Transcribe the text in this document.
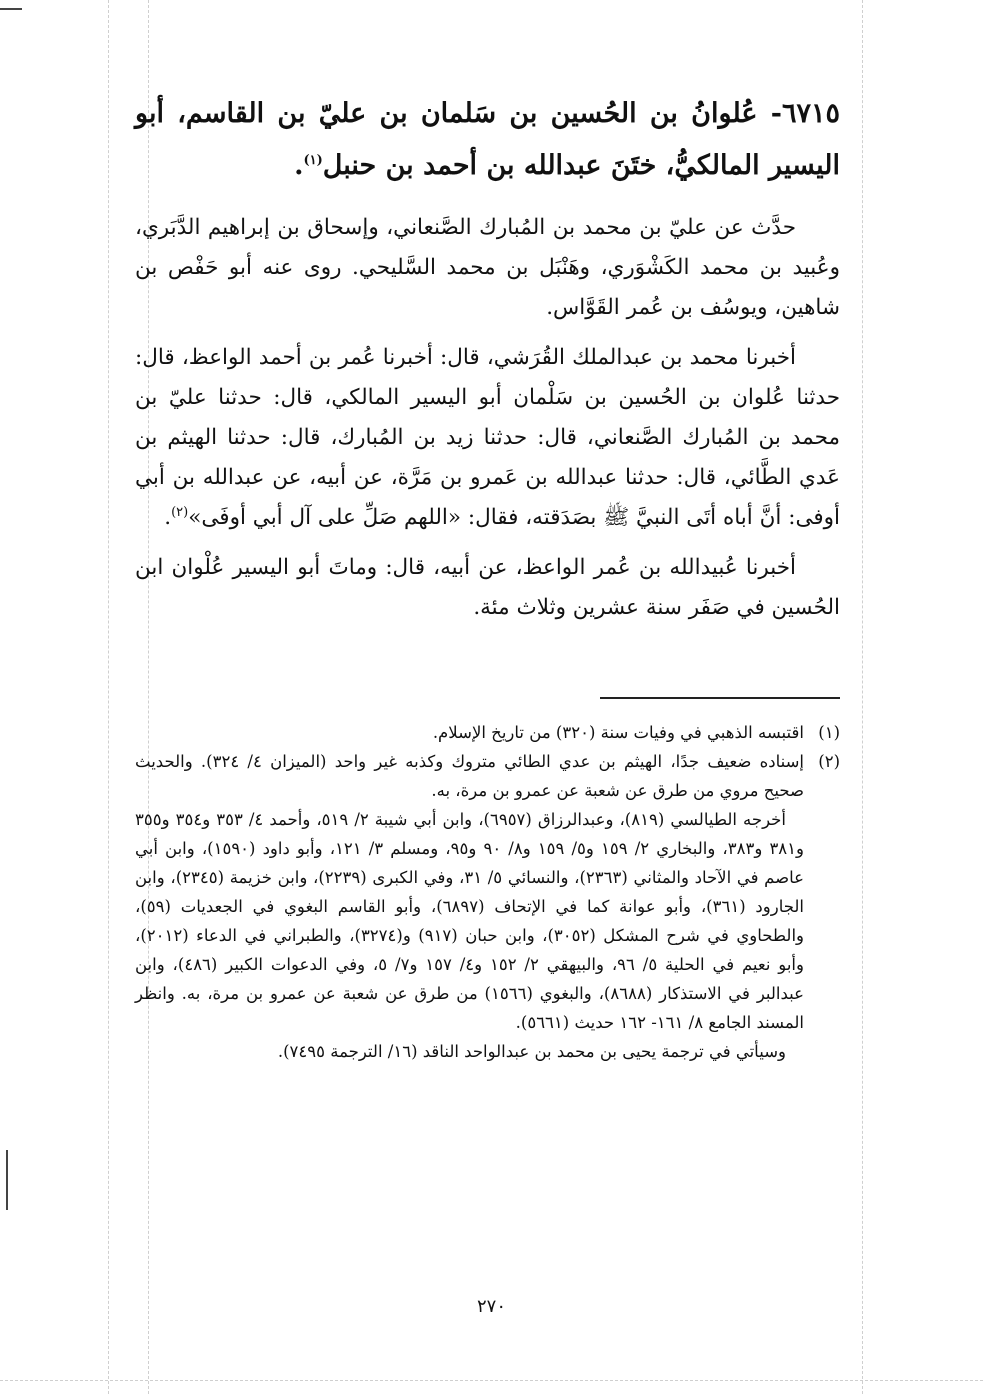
٦٧١٥- عُلوانُ بن الحُسين بن سَلمان بن عليّ بن القاسم، أبو اليسير المالكيُّ، ختَنَ عبدالله بن أحمد بن حنبل$^{(١)}$.

حدَّث عن عليّ بن محمد بن المُبارك الصَّنعاني، وإسحاق بن إبراهيم الدَّبَري، وعُبيد بن محمد الكَشْوَري، وهَنْبَل بن محمد السَّليحي. روى عنه أبو حَفْص بن شاهين، ويوسُف بن عُمر القَوَّاس.

أخبرنا محمد بن عبدالملك القُرَشي، قال: أخبرنا عُمر بن أحمد الواعظ، قال: حدثنا عُلوان بن الحُسين بن سَلْمان أبو اليسير المالكي، قال: حدثنا عليّ بن محمد بن المُبارك الصَّنعاني، قال: حدثنا زيد بن المُبارك، قال: حدثنا الهيثم بن عَدي الطَّائي، قال: حدثنا عبدالله بن عَمرو بن مَرَّة، عن أبيه، عن عبدالله بن أبي أوفى: أنَّ أباه أتَى النبيَّ ﷺ بصَدَقته، فقال: «اللهم صَلِّ على آل أبي أوفَى»$^{(٢)}$.

أخبرنا عُبيدالله بن عُمر الواعظ، عن أبيه، قال: وماتَ أبو اليسير عُلْوان ابن الحُسين في صَفَر سنة عشرين وثلاث مئة.

(١)
اقتبسه الذهبي في وفيات سنة (٣٢٠) من تاريخ الإسلام.
(٢)
إسناده ضعيف جدًا، الهيثم بن عدي الطائي متروك وكذبه غير واحد (الميزان ٤/ ٣٢٤). والحديث صحيح مروي من طرق عن شعبة عن عمرو بن مرة، به.

أخرجه الطيالسي (٨١٩)، وعبدالرزاق (٦٩٥٧)، وابن أبي شيبة ٢/ ٥١٩، وأحمد ٤/ ٣٥٣ و٣٥٤ و٣٥٥ و٣٨١ و٣٨٣، والبخاري ٢/ ١٥٩ و٥/ ١٥٩ و٨/ ٩٠ و٩٥، ومسلم ٣/ ١٢١، وأبو داود (١٥٩٠)، وابن أبي عاصم في الآحاد والمثاني (٢٣٦٣)، والنسائي ٥/ ٣١، وفي الكبرى (٢٢٣٩)، وابن خزيمة (٢٣٤٥)، وابن الجارود (٣٦١)، وأبو عوانة كما في الإتحاف (٦٨٩٧)، وأبو القاسم البغوي في الجعديات (٥٩)، والطحاوي في شرح المشكل (٣٠٥٢)، وابن حبان (٩١٧) و(٣٢٧٤)، والطبراني في الدعاء (٢٠١٢)، وأبو نعيم في الحلية ٥/ ٩٦، والبيهقي ٢/ ١٥٢ و٤/ ١٥٧ و٧/ ٥، وفي الدعوات الكبير (٤٨٦)، وابن عبدالبر في الاستذكار (٨٦٨٨)، والبغوي (١٥٦٦) من طرق عن شعبة عن عمرو بن مرة، به. وانظر المسند الجامع ٨/ ١٦١- ١٦٢ حديث (٥٦٦١).

وسيأتي في ترجمة يحيى بن محمد بن عبدالواحد الناقد (١٦/ الترجمة ٧٤٩٥).

٢٧٠
